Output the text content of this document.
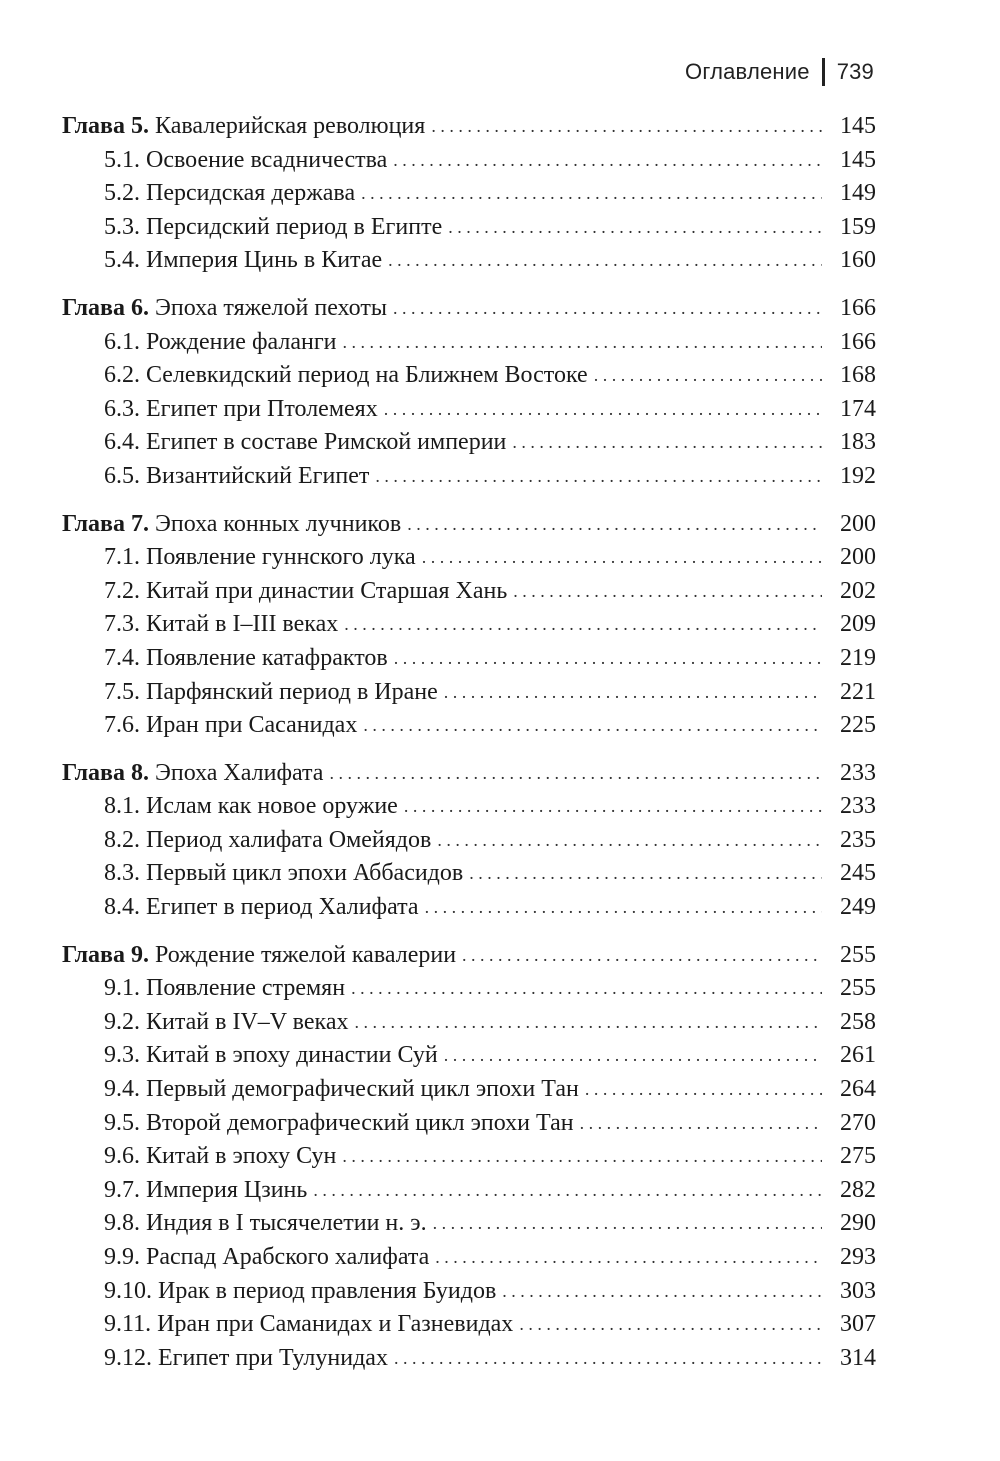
Оглавление 739
Глава 5. Кавалерийская революция . . .	145
5.1. Освоение всадничества . . .	145
5.2. Персидская держава . . .	149
5.3. Персидский период в Египте . . .	159
5.4. Империя Цинь в Китае . . .	160
Глава 6. Эпоха тяжелой пехоты . . .	166
6.1. Рождение фаланги . . .	166
6.2. Селевкидский период на Ближнем Востоке . . .	168
6.3. Египет при Птолемеях . . .	174
6.4. Египет в составе Римской империи . . .	183
6.5. Византийский Египет . . .	192
Глава 7. Эпоха конных лучников . . .	200
7.1. Появление гуннского лука . . .	200
7.2. Китай при династии Старшая Хань . . .	202
7.3. Китай в I–III веках . . .	209
7.4. Появление катафрактов . . .	219
7.5. Парфянский период в Иране . . .	221
7.6. Иран при Сасанидах . . .	225
Глава 8. Эпоха Халифата . . .	233
8.1. Ислам как новое оружие . . .	233
8.2. Период халифата Омейядов . . .	235
8.3. Первый цикл эпохи Аббасидов . . .	245
8.4. Египет в период Халифата . . .	249
Глава 9. Рождение тяжелой кавалерии . . .	255
9.1. Появление стремян . . .	255
9.2. Китай в IV–V веках . . .	258
9.3. Китай в эпоху династии Суй . . .	261
9.4. Первый демографический цикл эпохи Тан . . .	264
9.5. Второй демографический цикл эпохи Тан . . .	270
9.6. Китай в эпоху Сун . . .	275
9.7. Империя Цзинь . . .	282
9.8. Индия в I тысячелетии н. э. . . .	290
9.9. Распад Арабского халифата . . .	293
9.10. Ирак в период правления Буидов . . .	303
9.11. Иран при Саманидах и Газневидах . . .	307
9.12. Египет при Тулунидах . . .	314
